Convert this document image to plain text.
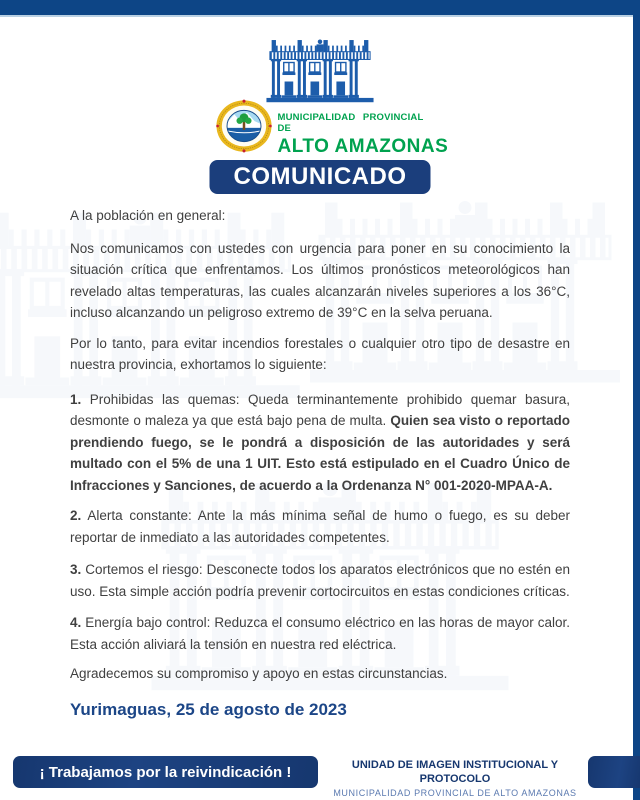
MUNICIPALIDAD PROVINCIAL DE
ALTO AMAZONAS
COMUNICADO

A la población en general:

Nos comunicamos con ustedes con urgencia para poner en su conocimiento la situación crítica que enfrentamos. Los últimos pronósticos meteorológicos han revelado altas temperaturas, las cuales alcanzarán niveles superiores a los 36°C, incluso alcanzando un peligroso extremo de 39°C en la selva peruana.

Por lo tanto, para evitar incendios forestales o cualquier otro tipo de desastre en nuestra provincia, exhortamos lo siguiente:

1. Prohibidas las quemas: Queda terminantemente prohibido quemar basura, desmonte o maleza ya que está bajo pena de multa. Quien sea visto o reportado prendiendo fuego, se le pondrá a disposición de las autoridades y será multado con el 5% de una 1 UIT. Esto está estipulado en el Cuadro Único de Infracciones y Sanciones, de acuerdo a la Ordenanza N° 001-2020-MPAA-A.

2. Alerta constante: Ante la más mínima señal de humo o fuego, es su deber reportar de inmediato a las autoridades competentes.

3. Cortemos el riesgo: Desconecte todos los aparatos electrónicos que no estén en uso. Esta simple acción podría prevenir cortocircuitos en estas condiciones críticas.

4. Energía bajo control: Reduzca el consumo eléctrico en las horas de mayor calor. Esta acción aliviará la tensión en nuestra red eléctrica.

Agradecemos su compromiso y apoyo en estas circunstancias.

Yurimaguas, 25 de agosto de 2023
¡ Trabajamos por la reivindicación !	UNIDAD DE IMAGEN INSTITUCIONAL Y PROTOCOLO
MUNICIPALIDAD PROVINCIAL DE ALTO AMAZONAS
